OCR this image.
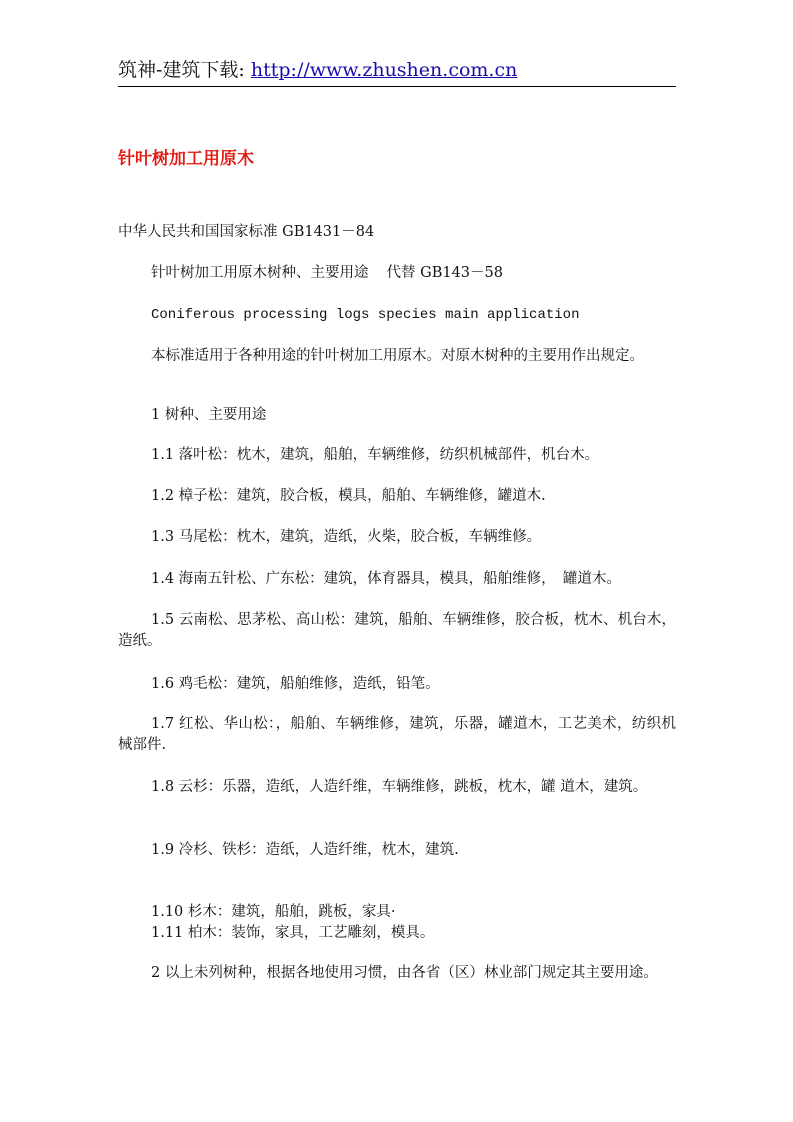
筑神-建筑下载: http://www.zhushen.com.cn
针叶树加工用原木

中华人民共和国国家标准 GB1431－84

针叶树加工用原木树种、主要用途 代替 GB143－58

Coniferous processing logs species main application

本标准适用于各种用途的针叶树加工用原木。对原木树种的主要用作出规定。

1 树种、主要用途

1.1 落叶松：枕木，建筑，船舶，车辆维修，纺织机械部件，机台木。

1.2 樟子松：建筑，胶合板，模具，船舶、车辆维修，罐道木.

1.3 马尾松：枕木，建筑，造纸，火柴，胶合板，车辆维修。

1.4 海南五针松、广东松：建筑，体育器具，模具，船舶维修，　罐道木。

1.5 云南松、思茅松、高山松：建筑，船舶、车辆维修，胶合板，枕木、机台木，造纸。

1.6 鸡毛松：建筑，船舶维修，造纸，铅笔。

1.7 红松、华山松：，船舶、车辆维修，建筑，乐器，罐道木，工艺美术，纺织机械部件.

1.8 云杉：乐器，造纸，人造纤维，车辆维修，跳板，枕木，罐 道木，建筑。

1.9 冷杉、铁杉：造纸，人造纤维，枕木，建筑.

1.10 杉木：建筑，船舶，跳板，家具·

1.11 柏木：装饰，家具，工艺雕刻，模具。

2 以上未列树种，根据各地使用习惯，由各省（区）林业部门规定其主要用途。
